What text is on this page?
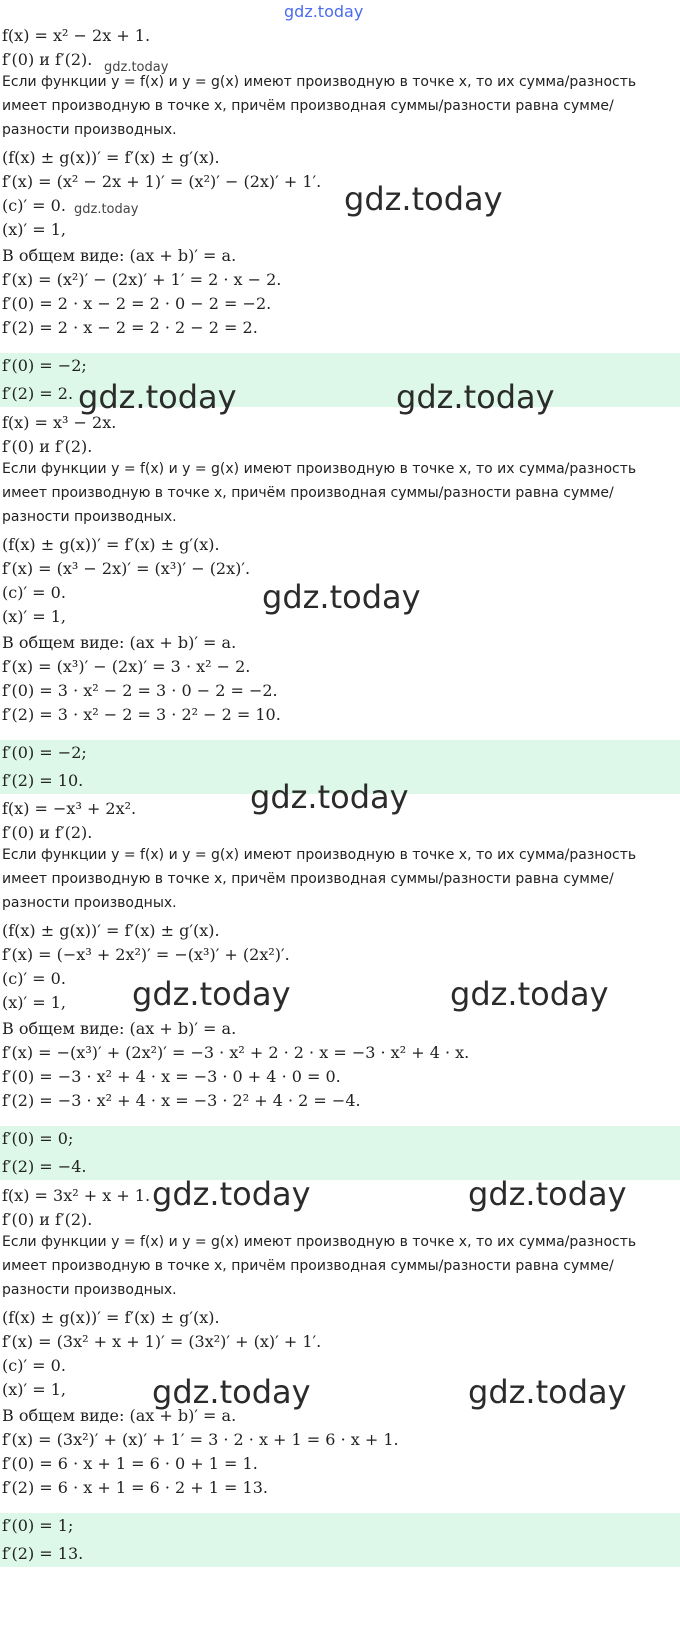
f(x) = x² − 2x + 1.
f′(0) и f′(2).
Если функции y = f(x) и y = g(x) имеют производную в точке x, то их сумма/разность
имеет производную в точке x, причём производная суммы/разности равна сумме/
разности производных.
(f(x) ± g(x))′ = f′(x) ± g′(x).
f′(x) = (x² − 2x + 1)′ = (x²)′ − (2x)′ + 1′.
(c)′ = 0.
(x)′ = 1,
В общем виде: (ax + b)′ = a.
f′(x) = (x²)′ − (2x)′ + 1′ = 2 · x − 2.
f′(0) = 2 · x − 2 = 2 · 0 − 2 = −2.
f′(2) = 2 · x − 2 = 2 · 2 − 2 = 2.
f′(0) = −2;
f′(2) = 2.
f(x) = x³ − 2x.
f′(0) и f′(2).
Если функции y = f(x) и y = g(x) имеют производную в точке x, то их сумма/разность
имеет производную в точке x, причём производная суммы/разности равна сумме/
разности производных.
(f(x) ± g(x))′ = f′(x) ± g′(x).
f′(x) = (x³ − 2x)′ = (x³)′ − (2x)′.
(c)′ = 0.
(x)′ = 1,
В общем виде: (ax + b)′ = a.
f′(x) = (x³)′ − (2x)′ = 3 · x² − 2.
f′(0) = 3 · x² − 2 = 3 · 0 − 2 = −2.
f′(2) = 3 · x² − 2 = 3 · 2² − 2 = 10.
f′(0) = −2;
f′(2) = 10.
f(x) = −x³ + 2x².
f′(0) и f′(2).
Если функции y = f(x) и y = g(x) имеют производную в точке x, то их сумма/разность
имеет производную в точке x, причём производная суммы/разности равна сумме/
разности производных.
(f(x) ± g(x))′ = f′(x) ± g′(x).
f′(x) = (−x³ + 2x²)′ = −(x³)′ + (2x²)′.
(c)′ = 0.
(x)′ = 1,
В общем виде: (ax + b)′ = a.
f′(x) = −(x³)′ + (2x²)′ = −3 · x² + 2 · 2 · x = −3 · x² + 4 · x.
f′(0) = −3 · x² + 4 · x = −3 · 0 + 4 · 0 = 0.
f′(2) = −3 · x² + 4 · x = −3 · 2² + 4 · 2 = −4.
f′(0) = 0;
f′(2) = −4.
f(x) = 3x² + x + 1.
f′(0) и f′(2).
Если функции y = f(x) и y = g(x) имеют производную в точке x, то их сумма/разность
имеет производную в точке x, причём производная суммы/разности равна сумме/
разности производных.
(f(x) ± g(x))′ = f′(x) ± g′(x).
f′(x) = (3x² + x + 1)′ = (3x²)′ + (x)′ + 1′.
(c)′ = 0.
(x)′ = 1,
В общем виде: (ax + b)′ = a.
f′(x) = (3x²)′ + (x)′ + 1′ = 3 · 2 · x + 1 = 6 · x + 1.
f′(0) = 6 · x + 1 = 6 · 0 + 1 = 1.
f′(2) = 6 · x + 1 = 6 · 2 + 1 = 13.
f′(0) = 1;
f′(2) = 13.
gdz.today
gdz.today
gdz.today	gdz.today
gdz.today	gdz.today
gdz.today
gdz.today
gdz.today	gdz.today
gdz.today	gdz.today
gdz.today	gdz.today
